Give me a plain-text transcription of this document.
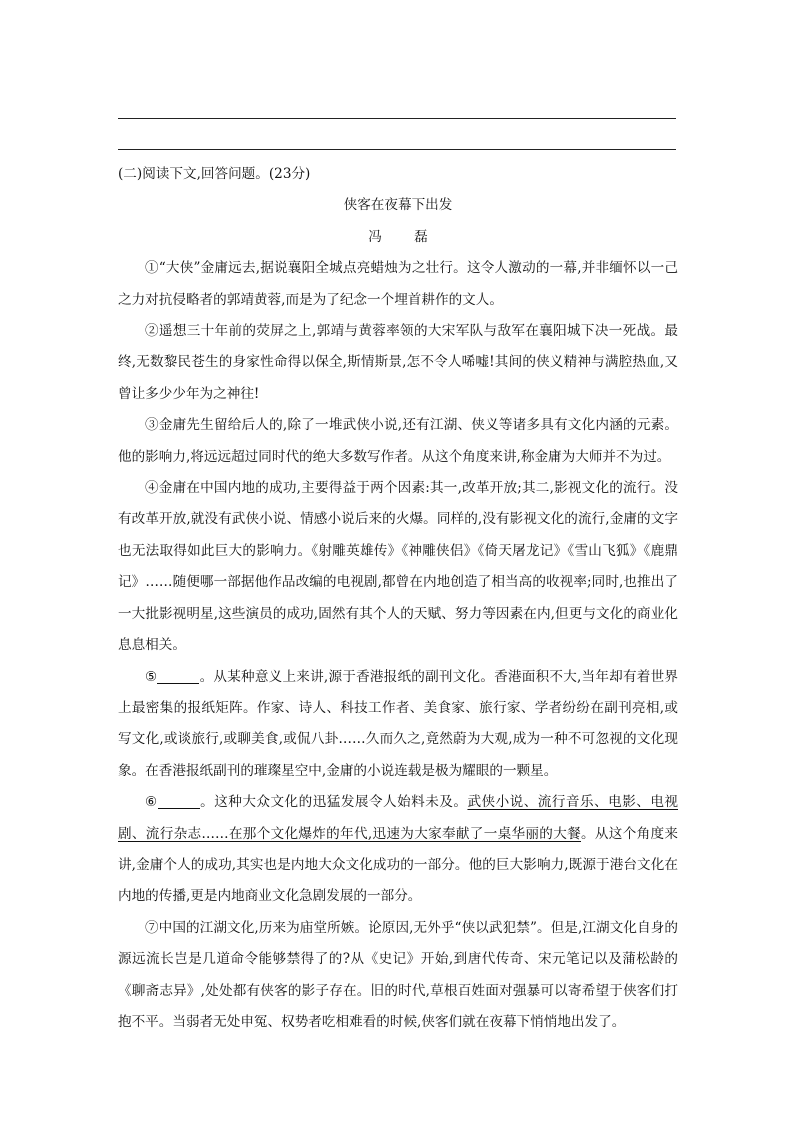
(二)阅读下文,回答问题。(23分)

侠客在夜幕下出发

冯 磊

①“大侠”金庸远去,据说襄阳全城点亮蜡烛为之壮行。这令人激动的一幕,并非缅怀以一己之力对抗侵略者的郭靖黄蓉,而是为了纪念一个埋首耕作的文人。

②遥想三十年前的荧屏之上,郭靖与黄蓉率领的大宋军队与敌军在襄阳城下决一死战。最终,无数黎民苍生的身家性命得以保全,斯情斯景,怎不令人唏嘘!其间的侠义精神与满腔热血,又曾让多少少年为之神往!

③金庸先生留给后人的,除了一堆武侠小说,还有江湖、侠义等诸多具有文化内涵的元素。他的影响力,将远远超过同时代的绝大多数写作者。从这个角度来讲,称金庸为大师并不为过。

④金庸在中国内地的成功,主要得益于两个因素:其一,改革开放;其二,影视文化的流行。没有改革开放,就没有武侠小说、情感小说后来的火爆。同样的,没有影视文化的流行,金庸的文字也无法取得如此巨大的影响力。《射雕英雄传》《神雕侠侣》《倚天屠龙记》《雪山飞狐》《鹿鼎记》……随便哪一部据他作品改编的电视剧,都曾在内地创造了相当高的收视率;同时,也推出了一大批影视明星,这些演员的成功,固然有其个人的天赋、努力等因素在内,但更与文化的商业化息息相关。

⑤	。从某种意义上来讲,源于香港报纸的副刊文化。香港面积不大,当年却有着世界上最密集的报纸矩阵。作家、诗人、科技工作者、美食家、旅行家、学者纷纷在副刊亮相,或写文化,或谈旅行,或聊美食,或侃八卦……久而久之,竟然蔚为大观,成为一种不可忽视的文化现象。在香港报纸副刊的璀璨星空中,金庸的小说连载是极为耀眼的一颗星。

⑥	。这种大众文化的迅猛发展令人始料未及。武侠小说、流行音乐、电影、电视剧、流行杂志……在那个文化爆炸的年代,迅速为大家奉献了一桌华丽的大餐。从这个角度来讲,金庸个人的成功,其实也是内地大众文化成功的一部分。他的巨大影响力,既源于港台文化在内地的传播,更是内地商业文化急剧发展的一部分。

⑦中国的江湖文化,历来为庙堂所嫉。论原因,无外乎“侠以武犯禁”。但是,江湖文化自身的源远流长岂是几道命令能够禁得了的?从《史记》开始,到唐代传奇、宋元笔记以及蒲松龄的《聊斋志异》,处处都有侠客的影子存在。旧的时代,草根百姓面对强暴可以寄希望于侠客们打抱不平。当弱者无处申冤、权势者吃相难看的时候,侠客们就在夜幕下悄悄地出发了。
